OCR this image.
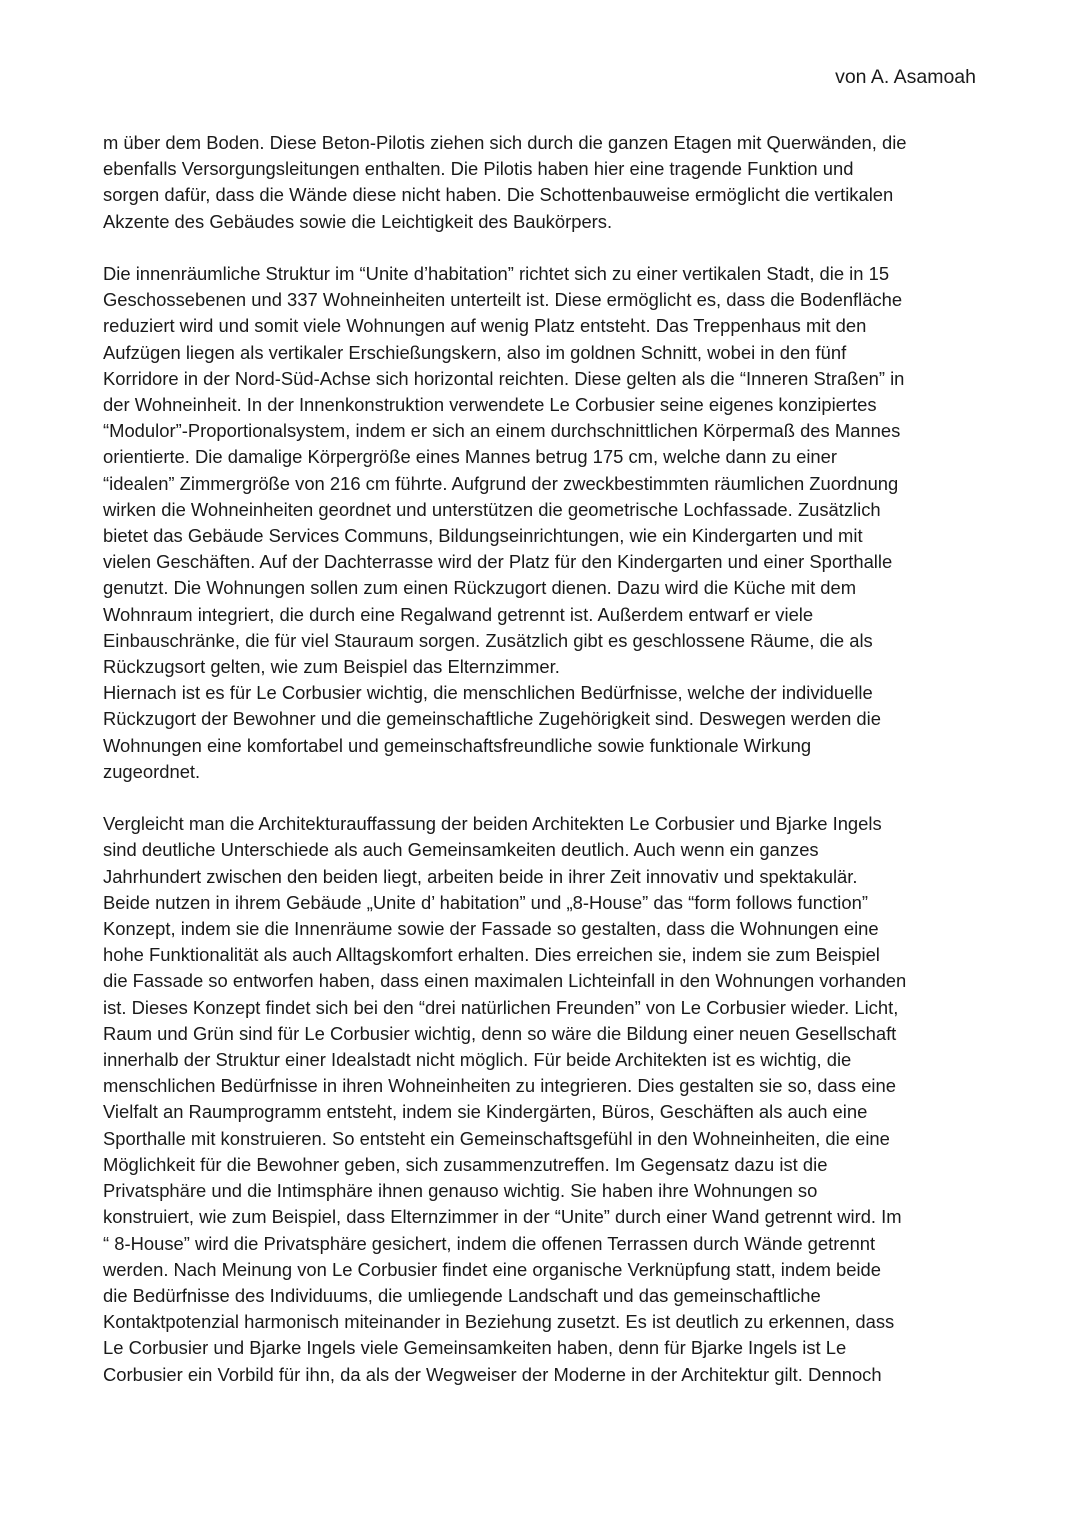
von A. Asamoah

m über dem Boden. Diese Beton-Pilotis ziehen sich durch die ganzen Etagen mit Querwänden, die
ebenfalls Versorgungsleitungen enthalten. Die Pilotis haben hier eine tragende Funktion und
sorgen dafür, dass die Wände diese nicht haben. Die Schottenbauweise ermöglicht die vertikalen
Akzente des Gebäudes sowie die Leichtigkeit des Baukörpers.

Die innenräumliche Struktur im “Unite d’habitation” richtet sich zu einer vertikalen Stadt, die in 15
Geschossebenen und 337 Wohneinheiten unterteilt ist. Diese ermöglicht es, dass die Bodenfläche
reduziert wird und somit viele Wohnungen auf wenig Platz entsteht. Das Treppenhaus mit den
Aufzügen liegen als vertikaler Erschießungskern, also im goldnen Schnitt, wobei in den fünf
Korridore in der Nord-Süd-Achse sich horizontal reichten. Diese gelten als die “Inneren Straßen” in
der Wohneinheit. In der Innenkonstruktion verwendete Le Corbusier seine eigenes konzipiertes
“Modulor”-Proportionalsystem, indem er sich an einem durchschnittlichen Körpermaß des Mannes
orientierte. Die damalige Körpergröße eines Mannes betrug 175 cm, welche dann zu einer
“idealen” Zimmergröße von 216 cm führte. Aufgrund der zweckbestimmten räumlichen Zuordnung
wirken die Wohneinheiten geordnet und unterstützen die geometrische Lochfassade. Zusätzlich
bietet das Gebäude Services Communs, Bildungseinrichtungen, wie ein Kindergarten und mit
vielen Geschäften. Auf der Dachterrasse wird der Platz für den Kindergarten und einer Sporthalle
genutzt. Die Wohnungen sollen zum einen Rückzugort dienen. Dazu wird die Küche mit dem
Wohnraum integriert, die durch eine Regalwand getrennt ist. Außerdem entwarf er viele
Einbauschränke, die für viel Stauraum sorgen. Zusätzlich gibt es geschlossene Räume, die als
Rückzugsort gelten, wie zum Beispiel das Elternzimmer.
Hiernach ist es für Le Corbusier wichtig, die menschlichen Bedürfnisse, welche der individuelle
Rückzugort der Bewohner und die gemeinschaftliche Zugehörigkeit sind. Deswegen werden die
Wohnungen eine komfortabel und gemeinschaftsfreundliche sowie funktionale Wirkung
zugeordnet.

Vergleicht man die Architekturauffassung der beiden Architekten Le Corbusier und Bjarke Ingels
sind deutliche Unterschiede als auch Gemeinsamkeiten deutlich. Auch wenn ein ganzes
Jahrhundert zwischen den beiden liegt, arbeiten beide in ihrer Zeit innovativ und spektakulär.
Beide nutzen in ihrem Gebäude „Unite d’ habitation” und „8-House” das “form follows function”
Konzept, indem sie die Innenräume sowie der Fassade so gestalten, dass die Wohnungen eine
hohe Funktionalität als auch Alltagskomfort erhalten. Dies erreichen sie, indem sie zum Beispiel
die Fassade so entworfen haben, dass einen maximalen Lichteinfall in den Wohnungen vorhanden
ist. Dieses Konzept findet sich bei den “drei natürlichen Freunden” von Le Corbusier wieder. Licht,
Raum und Grün sind für Le Corbusier wichtig, denn so wäre die Bildung einer neuen Gesellschaft
innerhalb der Struktur einer Idealstadt nicht möglich. Für beide Architekten ist es wichtig, die
menschlichen Bedürfnisse in ihren Wohneinheiten zu integrieren. Dies gestalten sie so, dass eine
Vielfalt an Raumprogramm entsteht, indem sie Kindergärten, Büros, Geschäften als auch eine
Sporthalle mit konstruieren. So entsteht ein Gemeinschaftsgefühl in den Wohneinheiten, die eine
Möglichkeit für die Bewohner geben, sich zusammenzutreffen. Im Gegensatz dazu ist die
Privatsphäre und die Intimsphäre ihnen genauso wichtig. Sie haben ihre Wohnungen so
konstruiert, wie zum Beispiel, dass Elternzimmer in der “Unite” durch einer Wand getrennt wird. Im
“ 8-House” wird die Privatsphäre gesichert, indem die offenen Terrassen durch Wände getrennt
werden. Nach Meinung von Le Corbusier findet eine organische Verknüpfung statt, indem beide
die Bedürfnisse des Individuums, die umliegende Landschaft und das gemeinschaftliche
Kontaktpotenzial harmonisch miteinander in Beziehung zusetzt. Es ist deutlich zu erkennen, dass
Le Corbusier und Bjarke Ingels viele Gemeinsamkeiten haben, denn für Bjarke Ingels ist Le
Corbusier ein Vorbild für ihn, da als der Wegweiser der Moderne in der Architektur gilt. Dennoch
